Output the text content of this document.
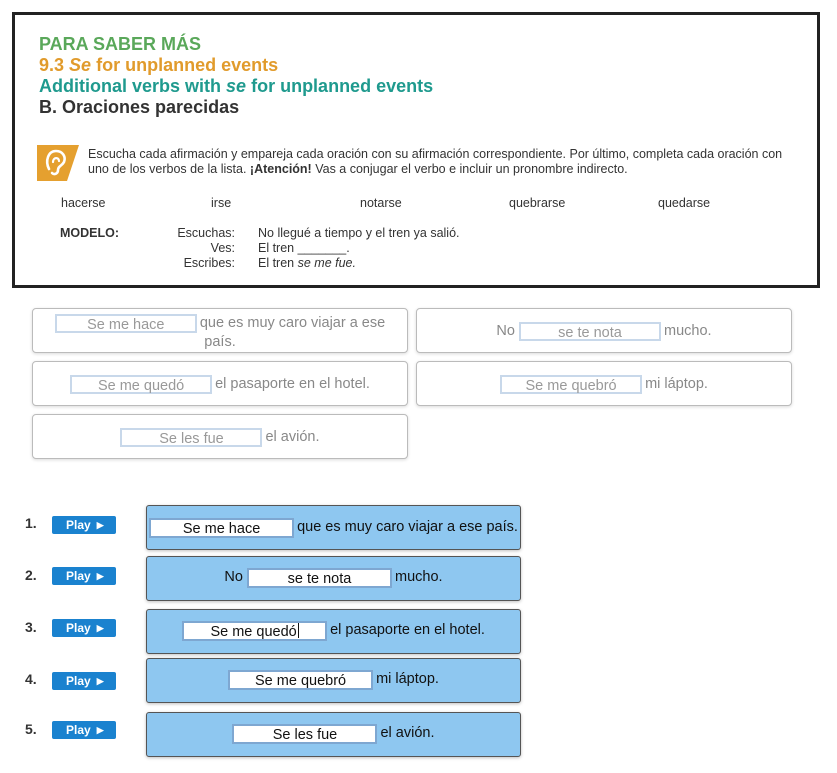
PARA SABER MÁS

9.3 Se for unplanned events

Additional verbs with se for unplanned events

B. Oraciones parecidas

Escucha cada afirmación y empareja cada oración con su afirmación correspondiente. Por último, completa cada oración con uno de los verbos de la lista. ¡Atención! Vas a conjugar el verbo e incluir un pronombre indirecto.

hacerse	irse	notarse	quebrarse	quedarse
MODELO:	Escuchas: No llegué a tiempo y el tren ya salió.
Ves: El tren _______.
Escribes: El tren se me fue.
Se me hace que es muy caro viajar a ese país.
No	se te nota	mucho.
Se me quedó el pasaporte en el hotel.	Se me quebró mi láptop.
Se les fue	el avión.
1.	Play ▶	Se me hace	que es muy caro viajar a ese país.
2.	Play ▶	No	se te nota	mucho.
3.	Play ▶	Se me quedó el pasaporte en el hotel.
4.	Play ▶	Se me quebró mi láptop.
5.	Play ▶	Se les fue	el avión.
